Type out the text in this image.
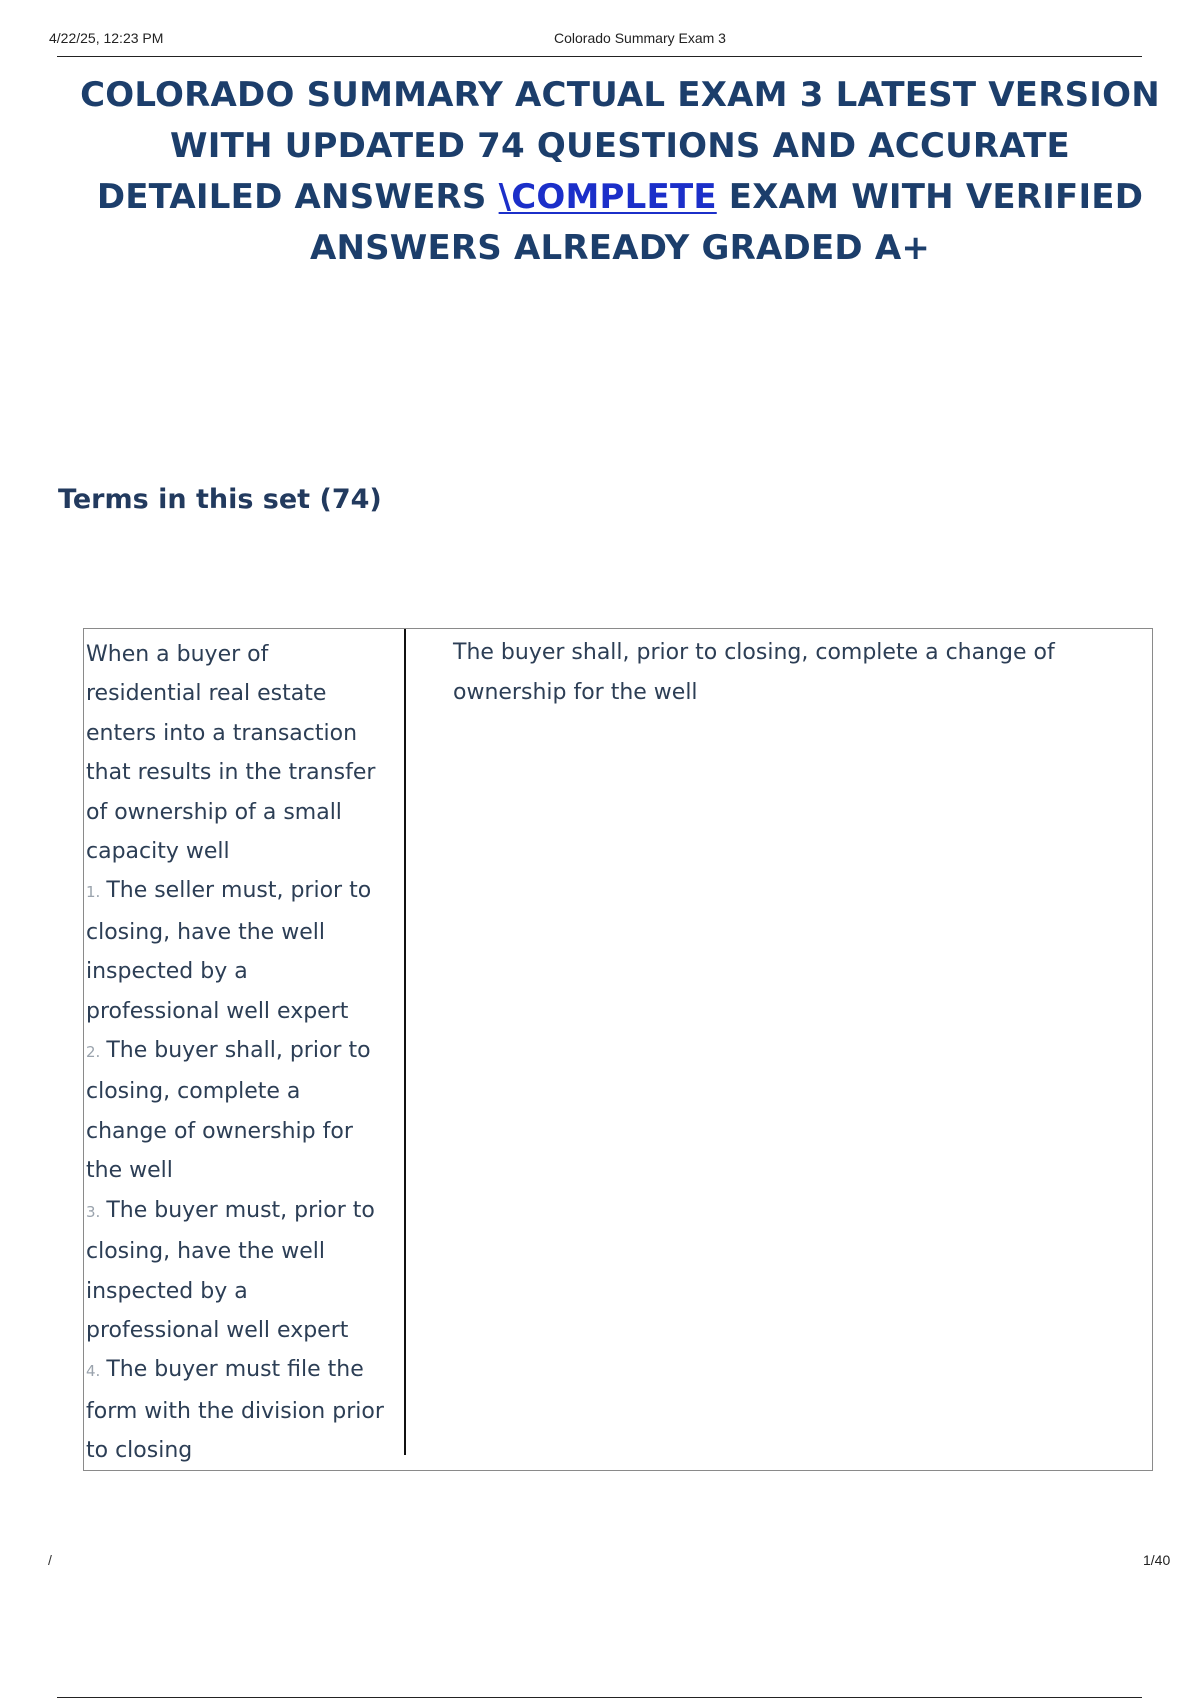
4/22/25, 12:23 PM	Colorado Summary Exam 3
COLORADO SUMMARY ACTUAL EXAM 3 LATEST VERSION
WITH UPDATED 74 QUESTIONS AND ACCURATE
DETAILED ANSWERS \COMPLETE EXAM WITH VERIFIED
ANSWERS ALREADY GRADED A+
Terms in this set (74)

When a buyer of residential real estate enters into a transaction that results in the transfer of ownership of a small capacity well

1. The seller must, prior to closing, have the well inspected by a professional well expert

2. The buyer shall, prior to closing, complete a change of ownership for the well

3. The buyer must, prior to closing, have the well inspected by a professional well expert

4. The buyer must file the form with the division prior to closing

The buyer shall, prior to closing, complete a change of ownership for the well
/	1/40
